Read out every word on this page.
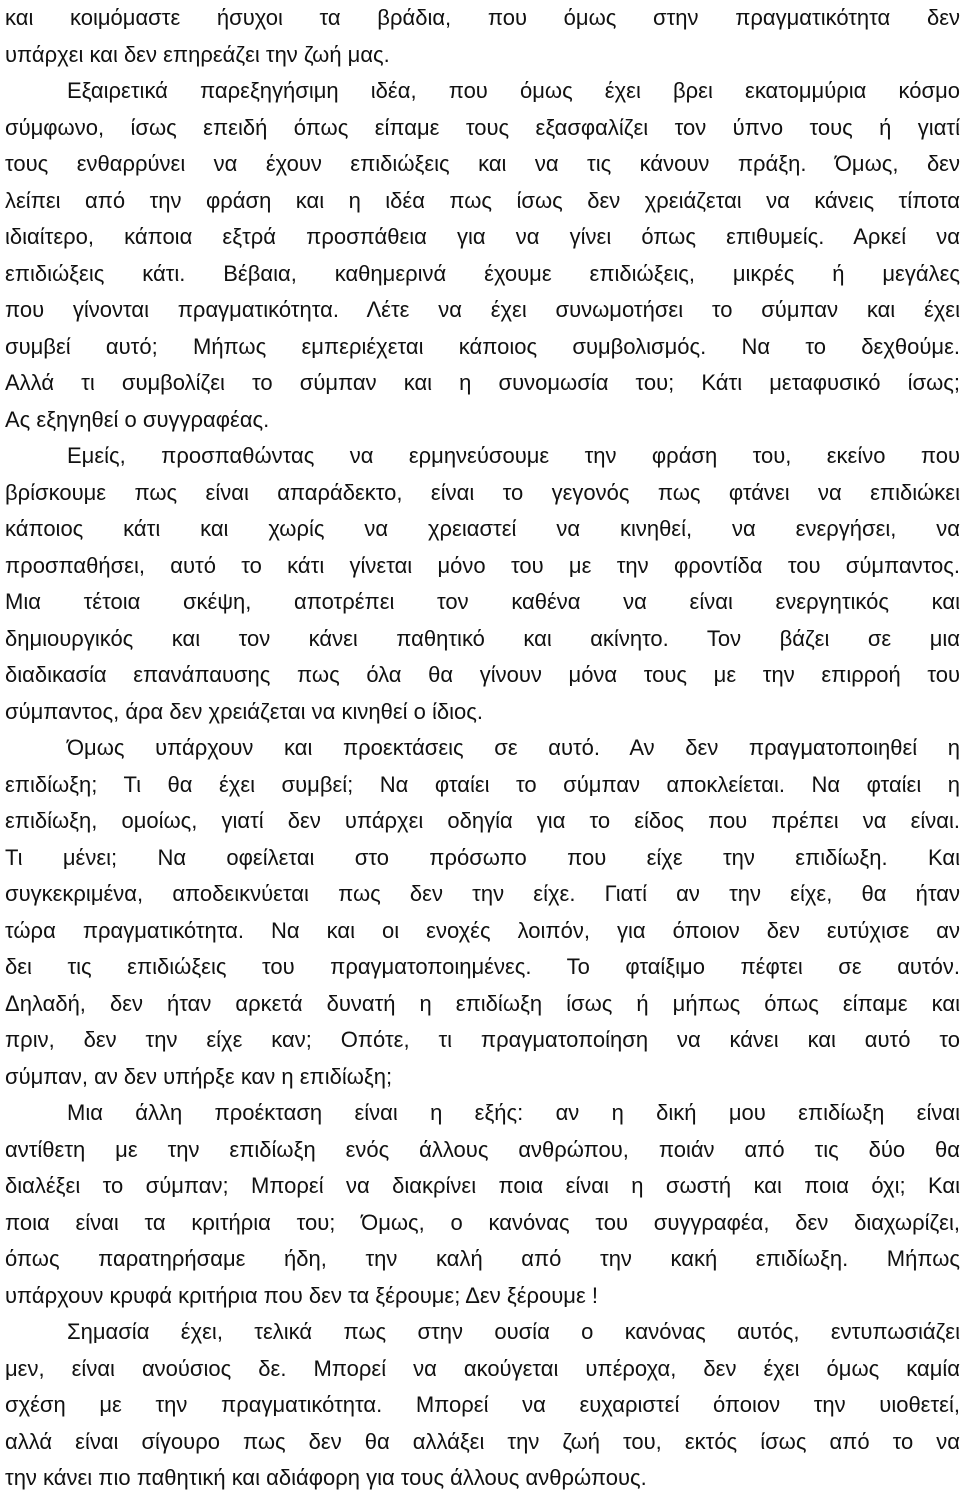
και κοιμόμαστε ήσυχοι τα βράδια, που όμως στην πραγματικότητα δεν
υπάρχει και δεν επηρεάζει την ζωή μας.
Εξαιρετικά παρεξηγήσιμη ιδέα, που όμως έχει βρει εκατομμύρια κόσμο
σύμφωνο, ίσως επειδή όπως είπαμε τους εξασφαλίζει τον ύπνο τους ή γιατί
τους ενθαρρύνει να έχουν επιδιώξεις και να τις κάνουν πράξη. Όμως, δεν
λείπει από την φράση και η ιδέα πως ίσως δεν χρειάζεται να κάνεις τίποτα
ιδιαίτερο, κάποια εξτρά προσπάθεια για να γίνει όπως επιθυμείς. Αρκεί να
επιδιώξεις κάτι. Βέβαια, καθημερινά έχουμε επιδιώξεις, μικρές ή μεγάλες
που γίνονται πραγματικότητα. Λέτε να έχει συνωμοτήσει το σύμπαν και έχει
συμβεί αυτό; Μήπως εμπεριέχεται κάποιος συμβολισμός. Να το δεχθούμε.
Αλλά τι συμβολίζει το σύμπαν και η συνομωσία του; Κάτι μεταφυσικό ίσως;
Ας εξηγηθεί ο συγγραφέας.
Εμείς, προσπαθώντας να ερμηνεύσουμε την φράση του, εκείνο που
βρίσκουμε πως είναι απαράδεκτο, είναι το γεγονός πως φτάνει να επιδιώκει
κάποιος κάτι και χωρίς να χρειαστεί να κινηθεί, να ενεργήσει, να
προσπαθήσει, αυτό το κάτι γίνεται μόνο του με την φροντίδα του σύμπαντος.
Μια τέτοια σκέψη, αποτρέπει τον καθένα να είναι ενεργητικός και
δημιουργικός και τον κάνει παθητικό και ακίνητο. Τον βάζει σε μια
διαδικασία επανάπαυσης πως όλα θα γίνουν μόνα τους με την επιρροή του
σύμπαντος, άρα δεν χρειάζεται να κινηθεί ο ίδιος.
Όμως υπάρχουν και προεκτάσεις σε αυτό. Αν δεν πραγματοποιηθεί η
επιδίωξη; Τι θα έχει συμβεί; Να φταίει το σύμπαν αποκλείεται. Να φταίει η
επιδίωξη, ομοίως, γιατί δεν υπάρχει οδηγία για το είδος που πρέπει να είναι.
Τι μένει; Να οφείλεται στο πρόσωπο που είχε την επιδίωξη. Και
συγκεκριμένα, αποδεικνύεται πως δεν την είχε. Γιατί αν την είχε, θα ήταν
τώρα πραγματικότητα. Να και οι ενοχές λοιπόν, για όποιον δεν ευτύχισε αν
δει τις επιδιώξεις του πραγματοποιημένες. Το φταίξιμο πέφτει σε αυτόν.
Δηλαδή, δεν ήταν αρκετά δυνατή η επιδίωξη ίσως ή μήπως όπως είπαμε και
πριν, δεν την είχε καν; Οπότε, τι πραγματοποίηση να κάνει και αυτό το
σύμπαν, αν δεν υπήρξε καν η επιδίωξη;
Μια άλλη προέκταση είναι η εξής: αν η δική μου επιδίωξη είναι
αντίθετη με την επιδίωξη ενός άλλους ανθρώπου, ποιάν από τις δύο θα
διαλέξει το σύμπαν; Μπορεί να διακρίνει ποια είναι η σωστή και ποια όχι; Και
ποια είναι τα κριτήρια του; Όμως, ο κανόνας του συγγραφέα, δεν διαχωρίζει,
όπως παρατηρήσαμε ήδη, την καλή από την κακή επιδίωξη. Μήπως
υπάρχουν κρυφά κριτήρια που δεν τα ξέρουμε; Δεν ξέρουμε !
Σημασία έχει, τελικά πως στην ουσία ο κανόνας αυτός, εντυπωσιάζει
μεν, είναι ανούσιος δε. Μπορεί να ακούγεται υπέροχα, δεν έχει όμως καμία
σχέση με την πραγματικότητα. Μπορεί να ευχαριστεί όποιον την υιοθετεί,
αλλά είναι σίγουρο πως δεν θα αλλάξει την ζωή του, εκτός ίσως από το να
την κάνει πιο παθητική και αδιάφορη για τους άλλους ανθρώπους.
